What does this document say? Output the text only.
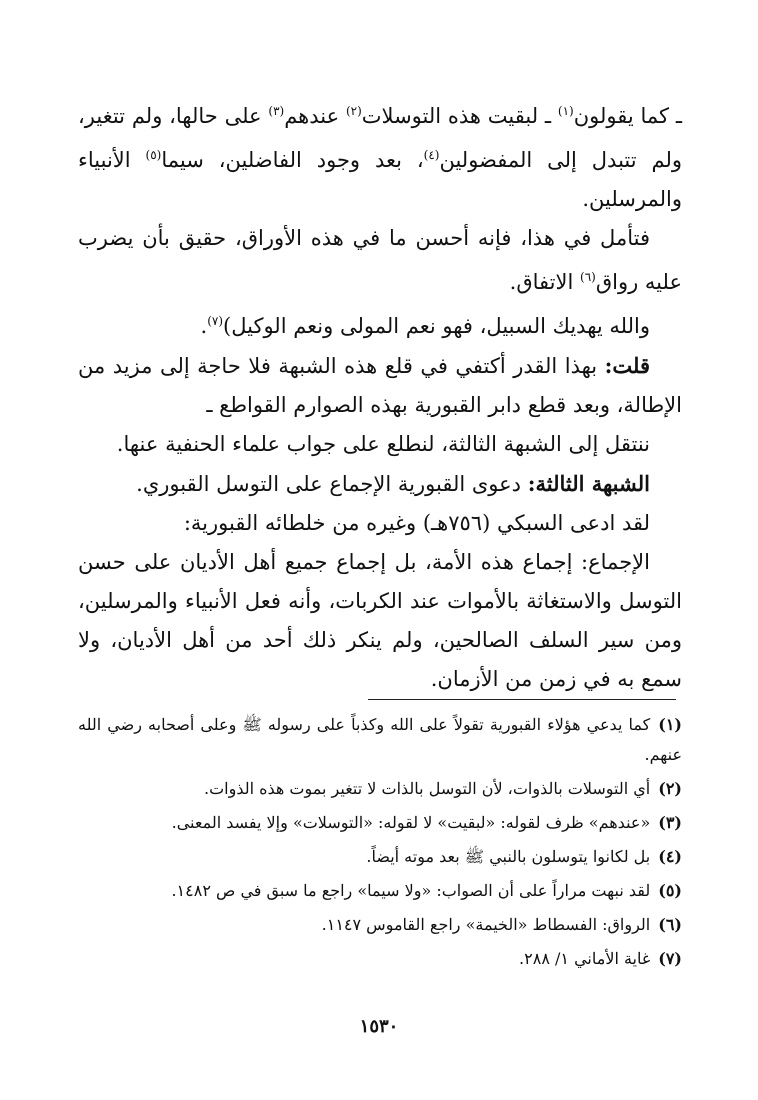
ـ كما يقولون$^{(١)}$ ـ لبقيت هذه التوسلات$^{(٢)}$ عندهم$^{(٣)}$ على حالها، ولم تتغير، ولم تتبدل إلى المفضولين$^{(٤)}$، بعد وجود الفاضلين، سيما$^{(٥)}$ الأنبياء والمرسلين.

فتأمل في هذا، فإنه أحسن ما في هذه الأوراق، حقيق بأن يضرب عليه رواق$^{(٦)}$ الاتفاق.

والله يهديك السبيل، فهو نعم المولى ونعم الوكيل)$^{(٧)}$.

قلت: بهذا القدر أكتفي في قلع هذه الشبهة فلا حاجة إلى مزيد من الإطالة، وبعد قطع دابر القبورية بهذه الصوارم القواطع ـ

ننتقل إلى الشبهة الثالثة، لنطلع على جواب علماء الحنفية عنها.

الشبهة الثالثة: دعوى القبورية الإجماع على التوسل القبوري.

لقد ادعى السبكي (٧٥٦هـ) وغيره من خلطائه القبورية:

الإجماع: إجماع هذه الأمة، بل إجماع جميع أهل الأديان على حسن التوسل والاستغاثة بالأموات عند الكربات، وأنه فعل الأنبياء والمرسلين، ومن سير السلف الصالحين، ولم ينكر ذلك أحد من أهل الأديان، ولا سمع به في زمن من الأزمان.

(١)كما يدعي هؤلاء القبورية تقولاً على الله وكذباً على رسوله ﷺ وعلى أصحابه رضي الله عنهم.

(٢)أي التوسلات بالذوات، لأن التوسل بالذات لا تتغير بموت هذه الذوات.

(٣)«عندهم» ظرف لقوله: «لبقيت» لا لقوله: «التوسلات» وإلا يفسد المعنى.

(٤)بل لكانوا يتوسلون بالنبي ﷺ بعد موته أيضاً.

(٥)لقد نبهت مراراً على أن الصواب: «ولا سيما» راجع ما سبق في ص ١٤٨٢.

(٦)الرواق: الفسطاط «الخيمة» راجع القاموس ١١٤٧.

(٧)غاية الأماني ١/ ٢٨٨.

١٥٣٠
